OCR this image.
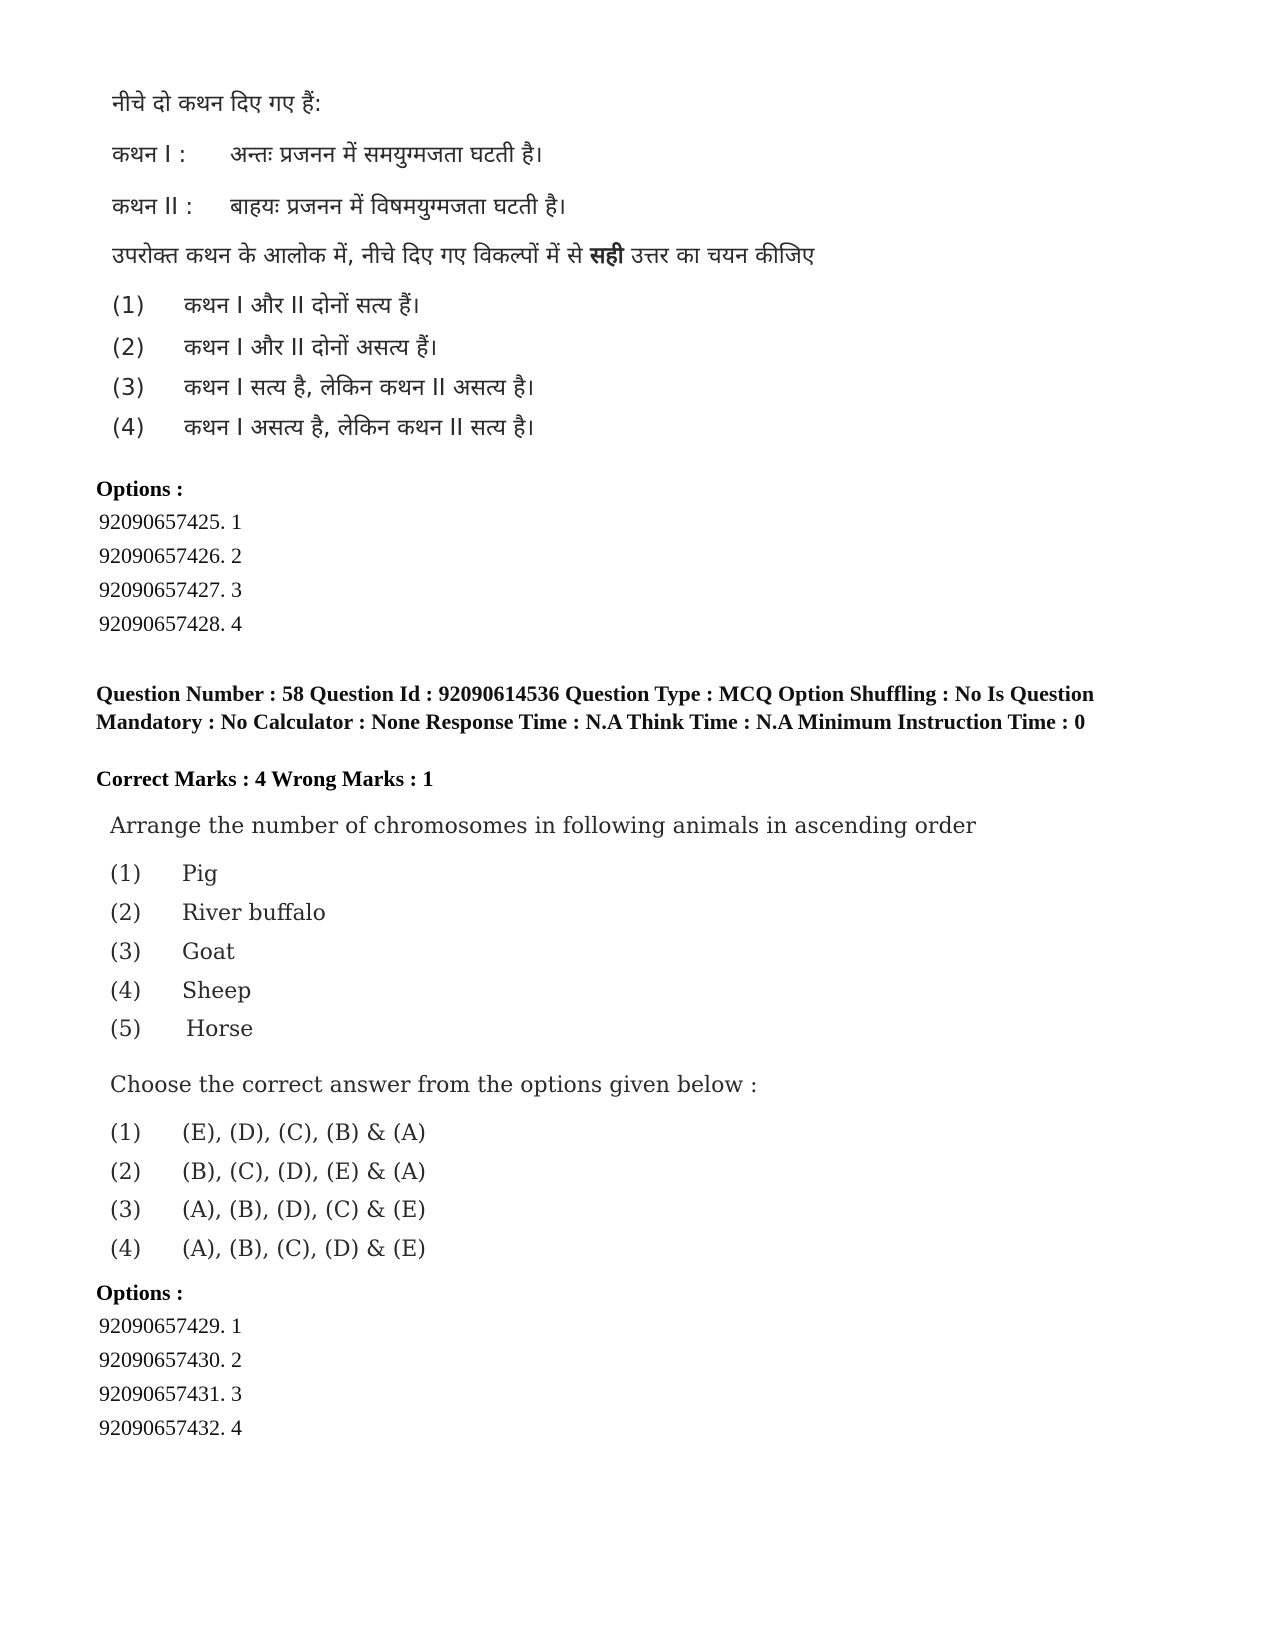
नीचे दो कथन दिए गए हैं:
कथन I : अन्तः प्रजनन में समयुग्मजता घटती है।
कथन II : बाहयः प्रजनन में विषमयुग्मजता घटती है।
उपरोक्त कथन के आलोक में, नीचे दिए गए विकल्पों में से सही उत्तर का चयन कीजिए
(1) कथन I और II दोनों सत्य हैं।
(2) कथन I और II दोनों असत्य हैं।
(3) कथन I सत्य है, लेकिन कथन II असत्य है।
(4) कथन I असत्य है, लेकिन कथन II सत्य है।
Options :
92090657425. 1
92090657426. 2
92090657427. 3
92090657428. 4
Question Number : 58 Question Id : 92090614536 Question Type : MCQ Option Shuffling : No Is Question Mandatory : No Calculator : None Response Time : N.A Think Time : N.A Minimum Instruction Time : 0
Correct Marks : 4 Wrong Marks : 1
Arrange the number of chromosomes in following animals in ascending order
(1) Pig
(2) River buffalo
(3) Goat
(4) Sheep
(5) Horse
Choose the correct answer from the options given below :
(1) (E), (D), (C), (B) & (A)
(2) (B), (C), (D), (E) & (A)
(3) (A), (B), (D), (C) & (E)
(4) (A), (B), (C), (D) & (E)
Options :
92090657429. 1
92090657430. 2
92090657431. 3
92090657432. 4
